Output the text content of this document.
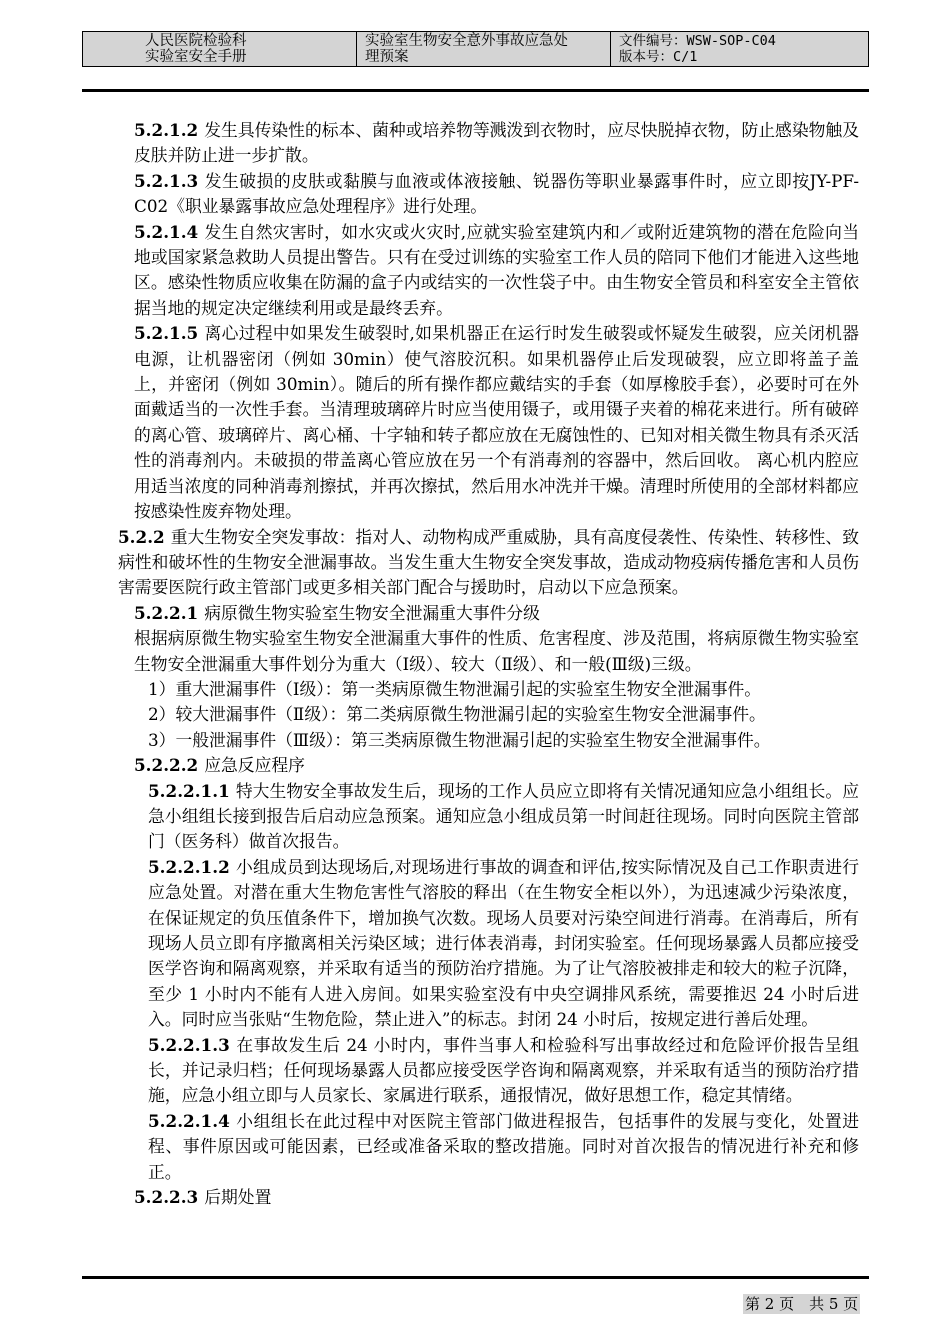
人民医院检验科
实验室安全手册
实验室生物安全意外事故应急处
理预案
文件编号：WSW-SOP-C04
版本号：C/1
5.2.1.2 发生具传染性的标本、菌种或培养物等溅泼到衣物时，应尽快脱掉衣物，防止感染物触及皮肤并防止进一步扩散。
5.2.1.3 发生破损的皮肤或黏膜与血液或体液接触、锐器伤等职业暴露事件时，应立即按JY-PF-C02《职业暴露事故应急处理程序》进行处理。
5.2.1.4 发生自然灾害时，如水灾或火灾时,应就实验室建筑内和／或附近建筑物的潜在危险向当地或国家紧急救助人员提出警告。只有在受过训练的实验室工作人员的陪同下他们才能进入这些地区。感染性物质应收集在防漏的盒子内或结实的一次性袋子中。由生物安全管员和科室安全主管依据当地的规定决定继续利用或是最终丢弃。
5.2.1.5 离心过程中如果发生破裂时,如果机器正在运行时发生破裂或怀疑发生破裂，应关闭机器电源，让机器密闭（例如 30min）使气溶胶沉积。如果机器停止后发现破裂，应立即将盖子盖上，并密闭（例如 30min）。随后的所有操作都应戴结实的手套（如厚橡胶手套），必要时可在外面戴适当的一次性手套。当清理玻璃碎片时应当使用镊子，或用镊子夹着的棉花来进行。所有破碎的离心管、玻璃碎片、离心桶、十字轴和转子都应放在无腐蚀性的、已知对相关微生物具有杀灭活性的消毒剂内。未破损的带盖离心管应放在另一个有消毒剂的容器中，然后回收。 离心机内腔应用适当浓度的同种消毒剂擦拭，并再次擦拭，然后用水冲洗并干燥。清理时所使用的全部材料都应按感染性废弃物处理。
5.2.2 重大生物安全突发事故：指对人、动物构成严重威胁，具有高度侵袭性、传染性、转移性、致病性和破坏性的生物安全泄漏事故。当发生重大生物安全突发事故，造成动物疫病传播危害和人员伤害需要医院行政主管部门或更多相关部门配合与援助时，启动以下应急预案。
5.2.2.1 病原微生物实验室生物安全泄漏重大事件分级
根据病原微生物实验室生物安全泄漏重大事件的性质、危害程度、涉及范围，将病原微生物实验室生物安全泄漏重大事件划分为重大（Ⅰ级）、较大（Ⅱ级）、和一般(Ⅲ级)三级。
1）重大泄漏事件（Ⅰ级）：第一类病原微生物泄漏引起的实验室生物安全泄漏事件。
2）较大泄漏事件（Ⅱ级）：第二类病原微生物泄漏引起的实验室生物安全泄漏事件。
3）一般泄漏事件（Ⅲ级）：第三类病原微生物泄漏引起的实验室生物安全泄漏事件。
5.2.2.2 应急反应程序
5.2.2.1.1 特大生物安全事故发生后，现场的工作人员应立即将有关情况通知应急小组组长。应急小组组长接到报告后启动应急预案。通知应急小组成员第一时间赶往现场。同时向医院主管部门（医务科）做首次报告。
5.2.2.1.2 小组成员到达现场后,对现场进行事故的调查和评估,按实际情况及自己工作职责进行应急处置。对潜在重大生物危害性气溶胶的释出（在生物安全柜以外），为迅速减少污染浓度，在保证规定的负压值条件下，增加换气次数。现场人员要对污染空间进行消毒。在消毒后，所有现场人员立即有序撤离相关污染区域；进行体表消毒，封闭实验室。任何现场暴露人员都应接受医学咨询和隔离观察，并采取有适当的预防治疗措施。为了让气溶胶被排走和较大的粒子沉降，至少 1 小时内不能有人进入房间。如果实验室没有中央空调排风系统，需要推迟 24 小时后进入。同时应当张贴“生物危险，禁止进入”的标志。封闭 24 小时后，按规定进行善后处理。
5.2.2.1.3 在事故发生后 24 小时内，事件当事人和检验科写出事故经过和危险评价报告呈组长，并记录归档；任何现场暴露人员都应接受医学咨询和隔离观察，并采取有适当的预防治疗措施，应急小组立即与人员家长、家属进行联系，通报情况，做好思想工作，稳定其情绪。
5.2.2.1.4 小组组长在此过程中对医院主管部门做进程报告，包括事件的发展与变化，处置进程、事件原因或可能因素，已经或准备采取的整改措施。同时对首次报告的情况进行补充和修正。
5.2.2.3 后期处置
第 2 页　共 5 页
